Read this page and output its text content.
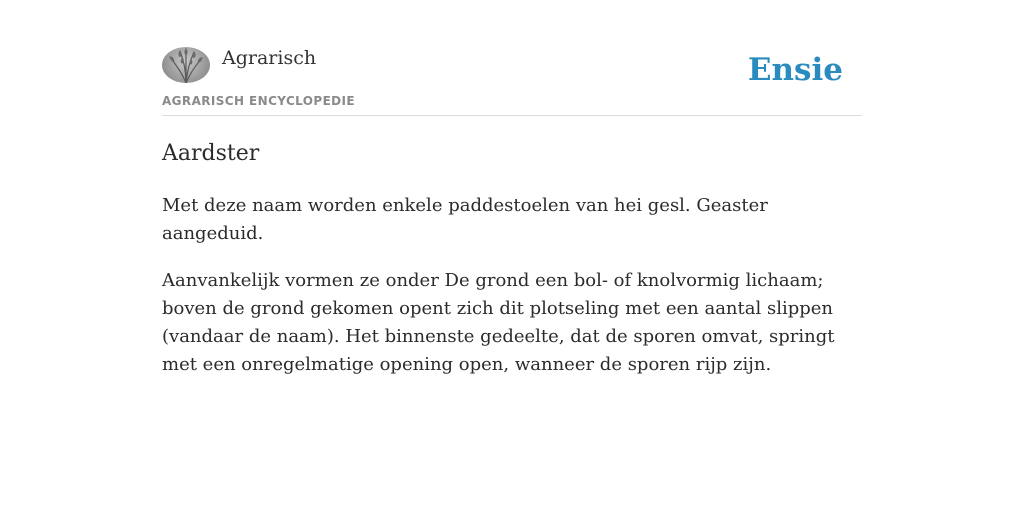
Agrarisch
AGRARISCH ENCYCLOPEDIE
Ensie
Aardster

Met deze naam worden enkele paddestoelen van hei gesl. Geaster aangeduid.

Aanvankelijk vormen ze onder De grond een bol- of knolvormig lichaam; boven de grond gekomen opent zich dit plotseling met een aantal slippen (vandaar de naam). Het binnenste gedeelte, dat de sporen omvat, springt met een onregelmatige opening open, wanneer de sporen rijp zijn.
